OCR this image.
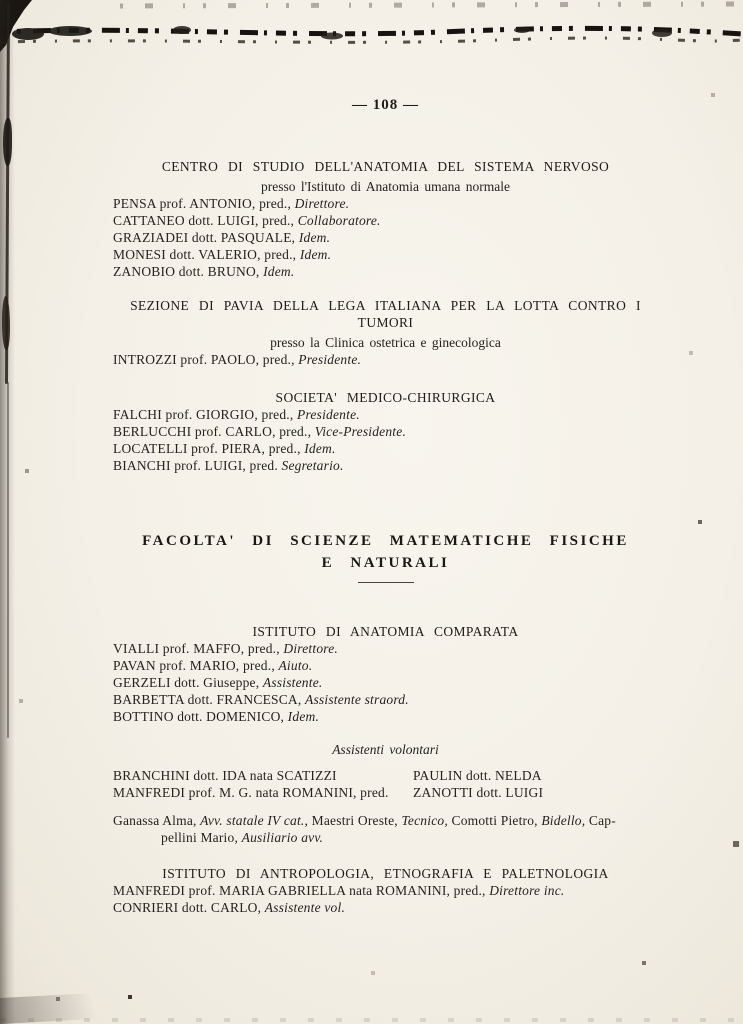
— 108 —
CENTRO DI STUDIO DELL'ANATOMIA DEL SISTEMA NERVOSO
presso l'Istituto di Anatomia umana normale
PENSA prof. ANTONIO, pred., Direttore.
CATTANEO dott. LUIGI, pred., Collaboratore.
GRAZIADEI dott. PASQUALE, Idem.
MONESI dott. VALERIO, pred., Idem.
ZANOBIO dott. BRUNO, Idem.
SEZIONE DI PAVIA DELLA LEGA ITALIANA PER LA LOTTA CONTRO I TUMORI
presso la Clinica ostetrica e ginecologica
INTROZZI prof. PAOLO, pred., Presidente.
SOCIETA' MEDICO-CHIRURGICA
FALCHI prof. GIORGIO, pred., Presidente.
BERLUCCHI prof. CARLO, pred., Vice-Presidente.
LOCATELLI prof. PIERA, pred., Idem.
BIANCHI prof. LUIGI, pred. Segretario.
FACOLTA' DI SCIENZE MATEMATICHE FISICHE
E NATURALI
ISTITUTO DI ANATOMIA COMPARATA
VIALLI prof. MAFFO, pred., Direttore.
PAVAN prof. MARIO, pred., Aiuto.
GERZELI dott. Giuseppe, Assistente.
BARBETTA dott. FRANCESCA, Assistente straord.
BOTTINO dott. DOMENICO, Idem.
Assistenti volontari
BRANCHINI dott. IDA nata SCATIZZI
MANFREDI prof. M. G. nata ROMANINI, pred.
PAULIN dott. NELDA
ZANOTTI dott. LUIGI

Ganassa Alma, Avv. statale IV cat., Maestri Oreste, Tecnico, Comotti Pietro, Bidello, Cap-
pellini Mario, Ausiliario avv.

ISTITUTO DI ANTROPOLOGIA, ETNOGRAFIA E PALETNOLOGIA
MANFREDI prof. MARIA GABRIELLA nata ROMANINI, pred., Direttore inc.
CONRIERI dott. CARLO, Assistente vol.
